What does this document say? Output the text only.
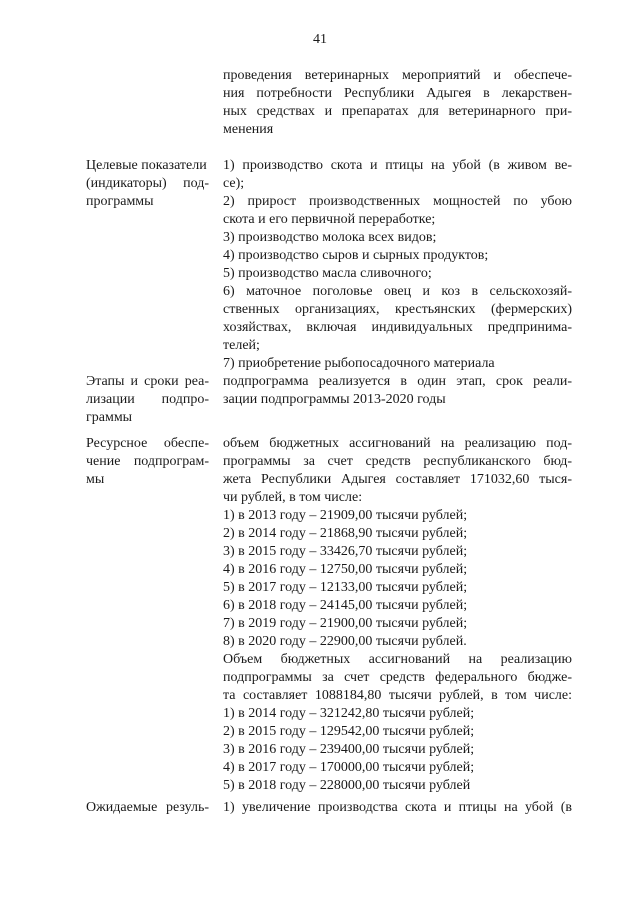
41
проведения ветеринарных мероприятий и обеспече-
ния потребности Республики Адыгея в лекарствен-
ных средствах и препаратах для ветеринарного при-
менения
Целевые показатели
(индикаторы) под-
программы
1) производство скота и птицы на убой (в живом ве-
се);
2) прирост производственных мощностей по убою
скота и его первичной переработке;
3) производство молока всех видов;
4) производство сыров и сырных продуктов;
5) производство масла сливочного;
6) маточное поголовье овец и коз в сельскохозяй-
ственных организациях, крестьянских (фермерских)
хозяйствах, включая индивидуальных предпринима-
телей;
7) приобретение рыбопосадочного материала
Этапы и сроки реа-
лизации подпро-
граммы
подпрограмма реализуется в один этап, срок реали-
зации подпрограммы 2013-2020 годы
Ресурсное обеспе-
чение подпрограм-
мы
объем бюджетных ассигнований на реализацию под-
программы за счет средств республиканского бюд-
жета Республики Адыгея составляет 171032,60 тыся-
чи рублей, в том числе:
1) в 2013 году – 21909,00 тысячи рублей;
2) в 2014 году – 21868,90 тысячи рублей;
3) в 2015 году – 33426,70 тысячи рублей;
4) в 2016 году – 12750,00 тысячи рублей;
5) в 2017 году – 12133,00 тысячи рублей;
6) в 2018 году – 24145,00 тысячи рублей;
7) в 2019 году – 21900,00 тысячи рублей;
8) в 2020 году – 22900,00 тысячи рублей.
Объем бюджетных ассигнований на реализацию
подпрограммы за счет средств федерального бюдже-
та составляет 1088184,80 тысячи рублей, в том числе:
1) в 2014 году – 321242,80 тысячи рублей;
2) в 2015 году – 129542,00 тысячи рублей;
3) в 2016 году – 239400,00 тысячи рублей;
4) в 2017 году – 170000,00 тысячи рублей;
5) в 2018 году – 228000,00 тысячи рублей
Ожидаемые резуль- 1) увеличение производства скота и птицы на убой (в
